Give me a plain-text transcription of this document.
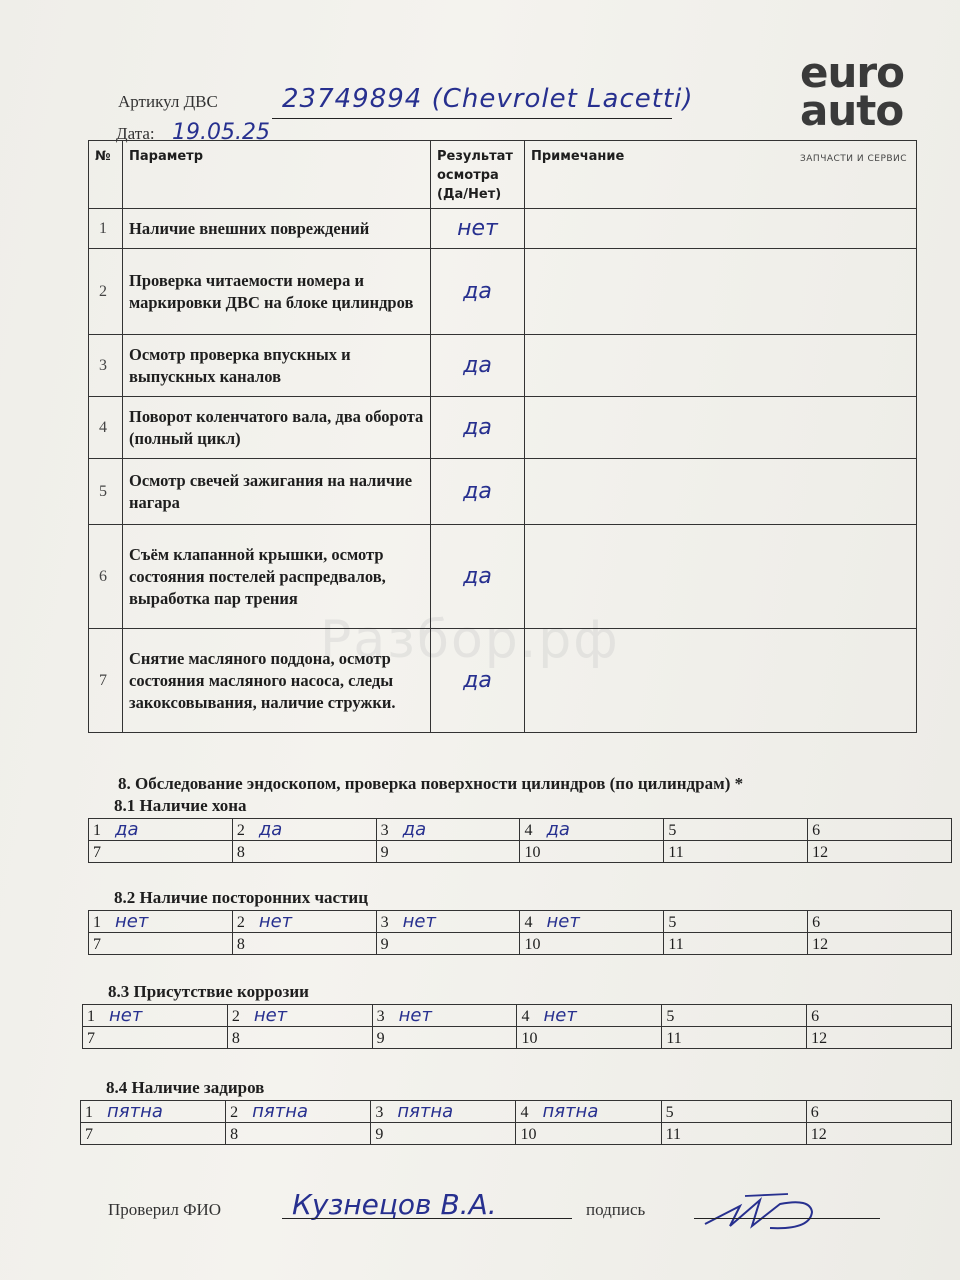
Разбор.рф
Артикул ДВС 23749894 (Chevrolet Lacetti)
Дата: 19.05.25
euro
auto
ЗАПЧАСТИ И СЕРВИС
№	Параметр	Результат осмотра (Да/Нет)	Примечание
1	Наличие внешних повреждений	нет	
2	Проверка читаемости номера и маркировки ДВС на блоке цилиндров	да	
3	Осмотр проверка впускных и выпускных каналов	да	
4	Поворот коленчатого вала, два оборота (полный цикл)	да	
5	Осмотр свечей зажигания на наличие нагара	да	
6	Съём клапанной крышки, осмотр состояния постелей распредвалов, выработка пар трения	да	
7	Снятие масляного поддона, осмотр состояния масляного насоса, следы закоксовывания, наличие стружки.	да	
8. Обследование эндоскопом, проверка поверхности цилиндров (по цилиндрам) *
8.1 Наличие хона
1 да	2 да	3 да	4 да	5	6
7	8	9	10	11	12
8.2 Наличие посторонних частиц
1 нет	2 нет	3 нет	4 нет	5	6
7	8	9	10	11	12
8.3 Присутствие коррозии
1 нет	2 нет	3 нет	4 нет	5	6
7	8	9	10	11	12
8.4 Наличие задиров
1 пятна	2 пятна	3 пятна	4 пятна	5	6
7	8	9	10	11	12
Проверил ФИО	Кузнецов В.А.	подпись
